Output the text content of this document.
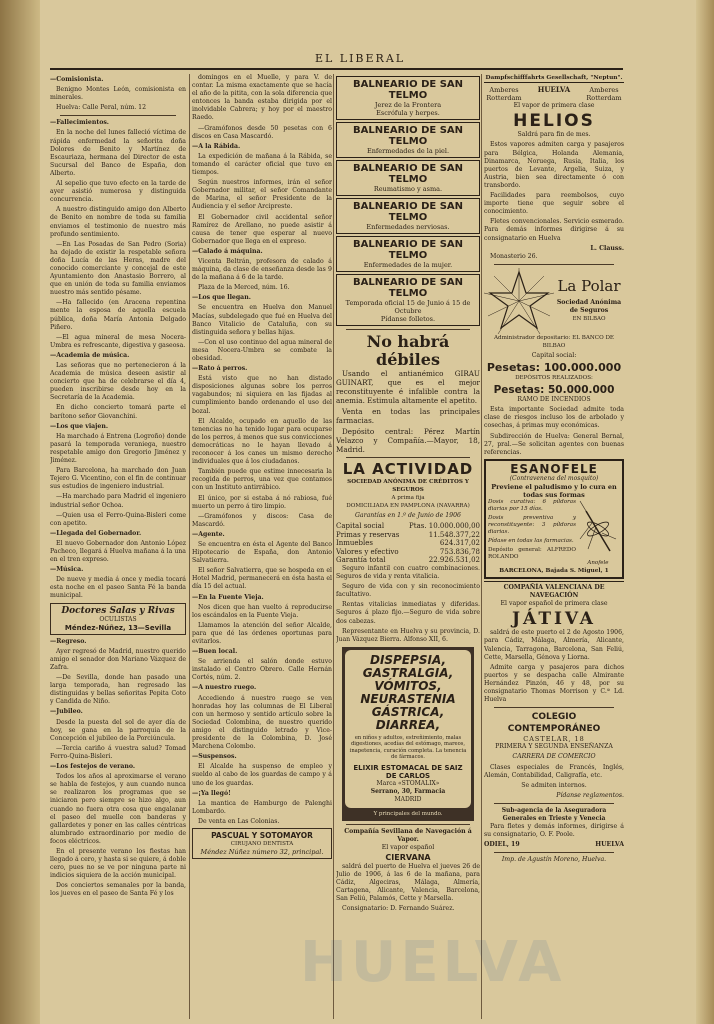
EL LIBERAL

—Comisionista.

Benigno Montes León, comisionista en minerales.

Huelva: Calle Peral, núm. 12

—Fallecimientos.

En la noche del lunes falleció víctima de rápida enfermedad la señorita doña Dolores de Benito y Martínez de Escauriaza, hermana del Director de esta Sucursal del Banco de España, don Alberto.

Al sepelio que tuvo efecto en la tarde de ayer asistió numerosa y distinguida concurrencia.

A nuestro distinguido amigo don Alberto de Benito en nombre de toda su familia enviamos el testimonio de nuestro más profundo sentimiento.

—En Las Posadas de San Pedro (Soria) ha dejado de existir la respetable señora doña Lucía de las Heras, madre del conocido comerciante y concejal de este Ayuntamiento don Anastasio Borrero, al que en unión de toda su familia enviamos nuestro más sentido pésame.

—Ha fallecido (en Aracena repentina mente la esposa de aquella escuela pública, doña María Antonia Delgado Piñero.

—El agua mineral de mesa Nocera-Umbra es refrescante, digestiva y gaseosa.

—Academia de música.

Las señoras que no pertenecieron á la Academia de música deseen asistir al concierto que ha de celebrarse el día 4, pueden inscribirse desde hoy en la Secretaría de la Academia.

En dicho concierto tomará parte el barítono señor Giovanchini.

—Los que viajen.

Ha marchado á Entrena (Logroño) donde pasará la temporada veraniega, nuestro respetable amigo don Gregorio Jiménez y Jiménez.

Para Barcelona, ha marchado don Juan Tejero G. Vicentino, con el fin de continuar sus estudios de ingeniero industrial.

—Ha marchado para Madrid el ingeniero industrial señor Ochoa.

—Quien usa el Ferro-Quina-Bisleri come con apetito.

—Llegada del Gobernador.

El nuevo Gobernador don Antonio López Pacheco, llegará á Huelva mañana á la una en el tren expreso.

—Música.

De nueve y media á once y media tocará esta noche en el paseo Santa Fé la banda municipal.

Doctores Salas y Rivas
OCULISTAS
Méndez-Núñez, 13—Sevilla

—Regreso.

Ayer regresó de Madrid, nuestro querido amigo el senador don Mariano Vázquez de Zafra.

—De Sevilla, donde han pasado una larga temporada, han regresado las distinguidas y bellas señoritas Pepita Coto y Candida de Niño.

—Jubileo.

Desde la puesta del sol de ayer día de hoy, se gana en la parroquia de la Concepción el jubileo de la Porciúncula.

—Tercia cariño á vuestra salud? Tomad Ferro-Quina-Bisleri.

—Los festejos de verano.

Todos los años al aproximarse el verano se habla de festejos, y aun cuando nunca se realizaron los programas que se iniciaron pero siempre se hizo algo, aun cuando no fuera otra cosa que engalanar el paseo del muelle con banderas y gallardetes y poner en las calles céntricas alumbrado extraordinario por medio de focos eléctricos.

En el presente verano los fiestas han llegado á cero, y hasta si se quiere, á doble cero, pues no se ve por ninguna parte ni indicios siquiera de la acción municipal.

Dos conciertos semanales por la banda, los jueves en el paseo de Santa Fé y los

domingos en el Muelle, y para V. de contar. La misma exactamente que se hacía el año de la pitita, con la sola diferencia que entonces la banda estaba dirigida por el inolvidable Cabrera; y hoy por el maestro Raedo.

—Gramófonos desde 50 pesetas con 6 discos en Casa Mascardó.

—A la Rábida.

La expedición de mañana á la Rábida, se tomando el carácter oficial que tuvo en tiempos.

Según nuestros informes, irán el señor Gobernador militar, el señor Comandante de Marina, el señor Presidente de la Audiencia y el señor Arcipreste.

El Gobernador civil accidental señor Ramírez de Arellano, no puede asistir á causa de tener que esperar al nuevo Gobernador que llega en el expreso.

—Calado á máquina.

Vicenta Beltrán, profesora de calado á máquina, da clase de enseñanza desde las 9 de la mañana á 6 de la tarde.

Plaza de la Merced, núm. 16.

—Los que llegan.

Se encuentra en Huelva don Manuel Macías, subdelegado que fué en Huelva del Banco Vitalicio de Cataluña, con su distinguida señora y bellas hijas.

—Con el uso continuo del agua mineral de mesa Nocera-Umbra se combate la obesidad.

—Rato á perros.

Está visto que no han distado disposiciones algunas sobre los perros vagabundos; ni siquiera en las fijadas al cumplimiento bando ordenando el uso del bozal.

El Alcalde, ocupado en aquello de las tenencias no ha tenido lugar para ocuparse de los perros, á menos que sus convicciones democráticas no le hayan llevado á reconocer á los canes un mismo derecho individuales que á los ciudadanos.

También puede que estime innecesaria la recogida de perros, una vez que contamos con un Instituto antirrábico.

El único, por si estaba á nó rabiosa, fué muerto un perro á tiro limpio.

—Gramófonos y discos: Casa de Mascardó.

—Agente.

Se encuentra en ésta el Agente del Banco Hipotecario de España, don Antonio Salvatierra.

El señor Salvatierra, que se hospeda en el Hotel Madrid, permanecerá en ésta hasta el día 15 del actual.

—En la Fuente Vieja.

Nos dicen que han vuelto á reproducirse los escándalos en la Fuente Vieja.

Llamamos la atención del señor Alcalde, para que dé las órdenes oportunas para evitarlos.

—Buen local.

Se arrienda el salón donde estuvo instalado el Centro Obrero. Calle Hernán Cortés, núm. 2.

—A nuestro ruego.

Accediendo á nuestro ruego se ven honradas hoy las columnas de El Liberal con un hermoso y sentido artículo sobre la Sociedad Colombina, de nuestro querido amigo el distinguido letrado y Vice-presidente de la Colombina, D. José Marchena Colombo.

—Suspensos.

El Alcalde ha suspenso de empleo y sueldo al cabo de los guardas de campo y á uno de los guardas.

—¡Ya llegó!

La mantica de Hamburgo de Palenghi Lombardo.

De venta en Las Colonias.

PASCUAL Y SOTOMAYOR
CIRUJANO DENTISTA
Méndez Núñez número 32, principal.
BALNEARIO DE SAN TELMO
Jerez de la Frontera
Escrófula y herpes.
BALNEARIO DE SAN TELMO
Enfermedades de la piel.
BALNEARIO DE SAN TELMO
Reumatismo y asma.
BALNEARIO DE SAN TELMO
Enfermedades nerviosas.
BALNEARIO DE SAN TELMO
Enfermedades de la mujer.
BALNEARIO DE SAN TELMO
Temporada oficial 15 de Junio á 15 de Octubre
Pídanse folletos.
No habrá débiles

Usando el antianémico GIRAU GUINART, que es el mejor reconstituyente é infalible contra la anemia. Estimula altamente el apetito.

Venta en todas las principales farmacias.

Depósito central: Pérez Martín Velazco y Compañía.—Mayor, 18, Madrid.

LA ACTIVIDAD
SOCIEDAD ANÓNIMA DE CRÉDITOS Y SEGUROS
A prima fija
DOMICILIADA EN PAMPLONA (NAVARRA)
Garantías en 1.º de Junio de 1906
Capital social	Ptas. 10.000.000,00
Primas y reservas	11.548.377,22
Inmuebles	624.317,02
Valores y efectivo	753.836,78
Garantía total	22.926.531,02

Seguro infantil con cuatro combinaciones. Seguros de vida y renta vitalicia.

Seguro de vida con y sin reconocimiento facultativo.

Rentas vitalicias inmediatas y diferidas. Seguros á plazo fijo.—Seguro de vida sobre dos cabezas.

Representante en Huelva y su provincia, D. Juan Vázquez Bierra. Alfonso XII, 6.

DISPEPSIA,
GASTRALGIA,
VÓMITOS,
NEURASTENIA
GÁSTRICA,
DIARREA,

en niños y adultos, estreñimiento, malas digestiones, acedías del estómago, mareos, inapetencia, curación completa. La tenencia de fármacos.

ELIXIR ESTOMACAL DE SAIZ DE CARLOS
Marca «STOMALIX»
Serrano, 30, Farmacia
MADRID
Y principales del mundo.
Compañía Sevillana de Navegación á Vapor.

El vapor español

CIERVANA

saldrá del puerto de Huelva el jueves 26 de Julio de 1906, á las 6 de la mañana, para Cádiz, Algeciras, Málaga, Almería, Cartagena, Alicante, Valencia, Barcelona, San Feliú, Palamós, Cette y Marsella.

Consignatario: D. Fernando Suárez.

Dampfschifffahrts Gesellschaft, "Neptun".
Amberes Rotterdam
HUELVA	Amberes Rotterdam

El vapor de primera clase

HELIOS

Saldrá para fin de mes.

Estos vapores admiten carga y pasajeros para Bélgica, Holanda Alemania, Dinamarca, Noruega, Rusia, Italia, los puertos de Levante, Argelia, Suiza, y Austria, bien sea directamente ó con transbordo.

Facilidades para reembolsos, cuyo importe tiene que seguir sobre el conocimiento.

Fletes convencionales. Servicio esmerado. Para demás informes dirigirse á su consignatario en Huelva

L. Clauss.

Monasterio 26.

La Polar
Sociedad Anónima de Seguros
EN BILBAO

Administrador depositario: EL BANCO DE BILBAO

Capital social:

Pesetas: 100.000.000

DEPÓSITOS REALIZADOS:

Pesetas: 50.000.000

RAMO DE INCENDIOS

Esta importante Sociedad admite toda clase de riesgos incluso los de arbolado y cosechas, á primas muy económicas.

Subdirección de Huelva: General Bernal, 27, pral.—Se solicitan agentes con buenas referencias.

ESANOFELE
(Contravenena del mosquito)
Previene el paludismo y lo cura en todas sus formas

Dosis curativa: 6 píldoras diarias por 15 días.

Dosis preventiva y reconstituyente: 3 píldoras diarias.

Pídase en todas las farmacias.

Depósito general: ALFREDO ROLANDO

Anofele
BARCELONA, Bajada S. Miguel, 1
COMPAÑÍA VALENCIANA DE NAVEGACIÓN

El vapor español de primera clase

JÁTIVA

saldrá de este puerto el 2 de Agosto 1906, para Cádiz, Málaga, Almería, Alicante, Valencia, Tarragona, Barcelona, San Feliú, Cette, Marsella, Génova y Liorna.

Admite carga y pasajeros para dichos puertos y se despacha calle Almirante Hernández Pinzón, 46 y 48, por su consignatario Thomas Morrison y C.ª Ld. Huelva

COLEGIO CONTEMPORÁNEO
CASTELAR, 18

PRIMERA Y SEGUNDA ENSEÑANZA

CARRERA DE COMERCIO

Clases especiales de Francés, Inglés, Alemán, Contabilidad, Caligrafía, etc.

Se admiten internos.

Pídanse reglamentos.

Sub-agencia de la Aseguradora Generales en Trieste y Venecia

Para fletes y demás informes, dirigirse á su consignatario, O. F. Poole.

ODIEL, 19	HUELVA

Imp. de Agustín Moreno, Huelva.

HUELVA
